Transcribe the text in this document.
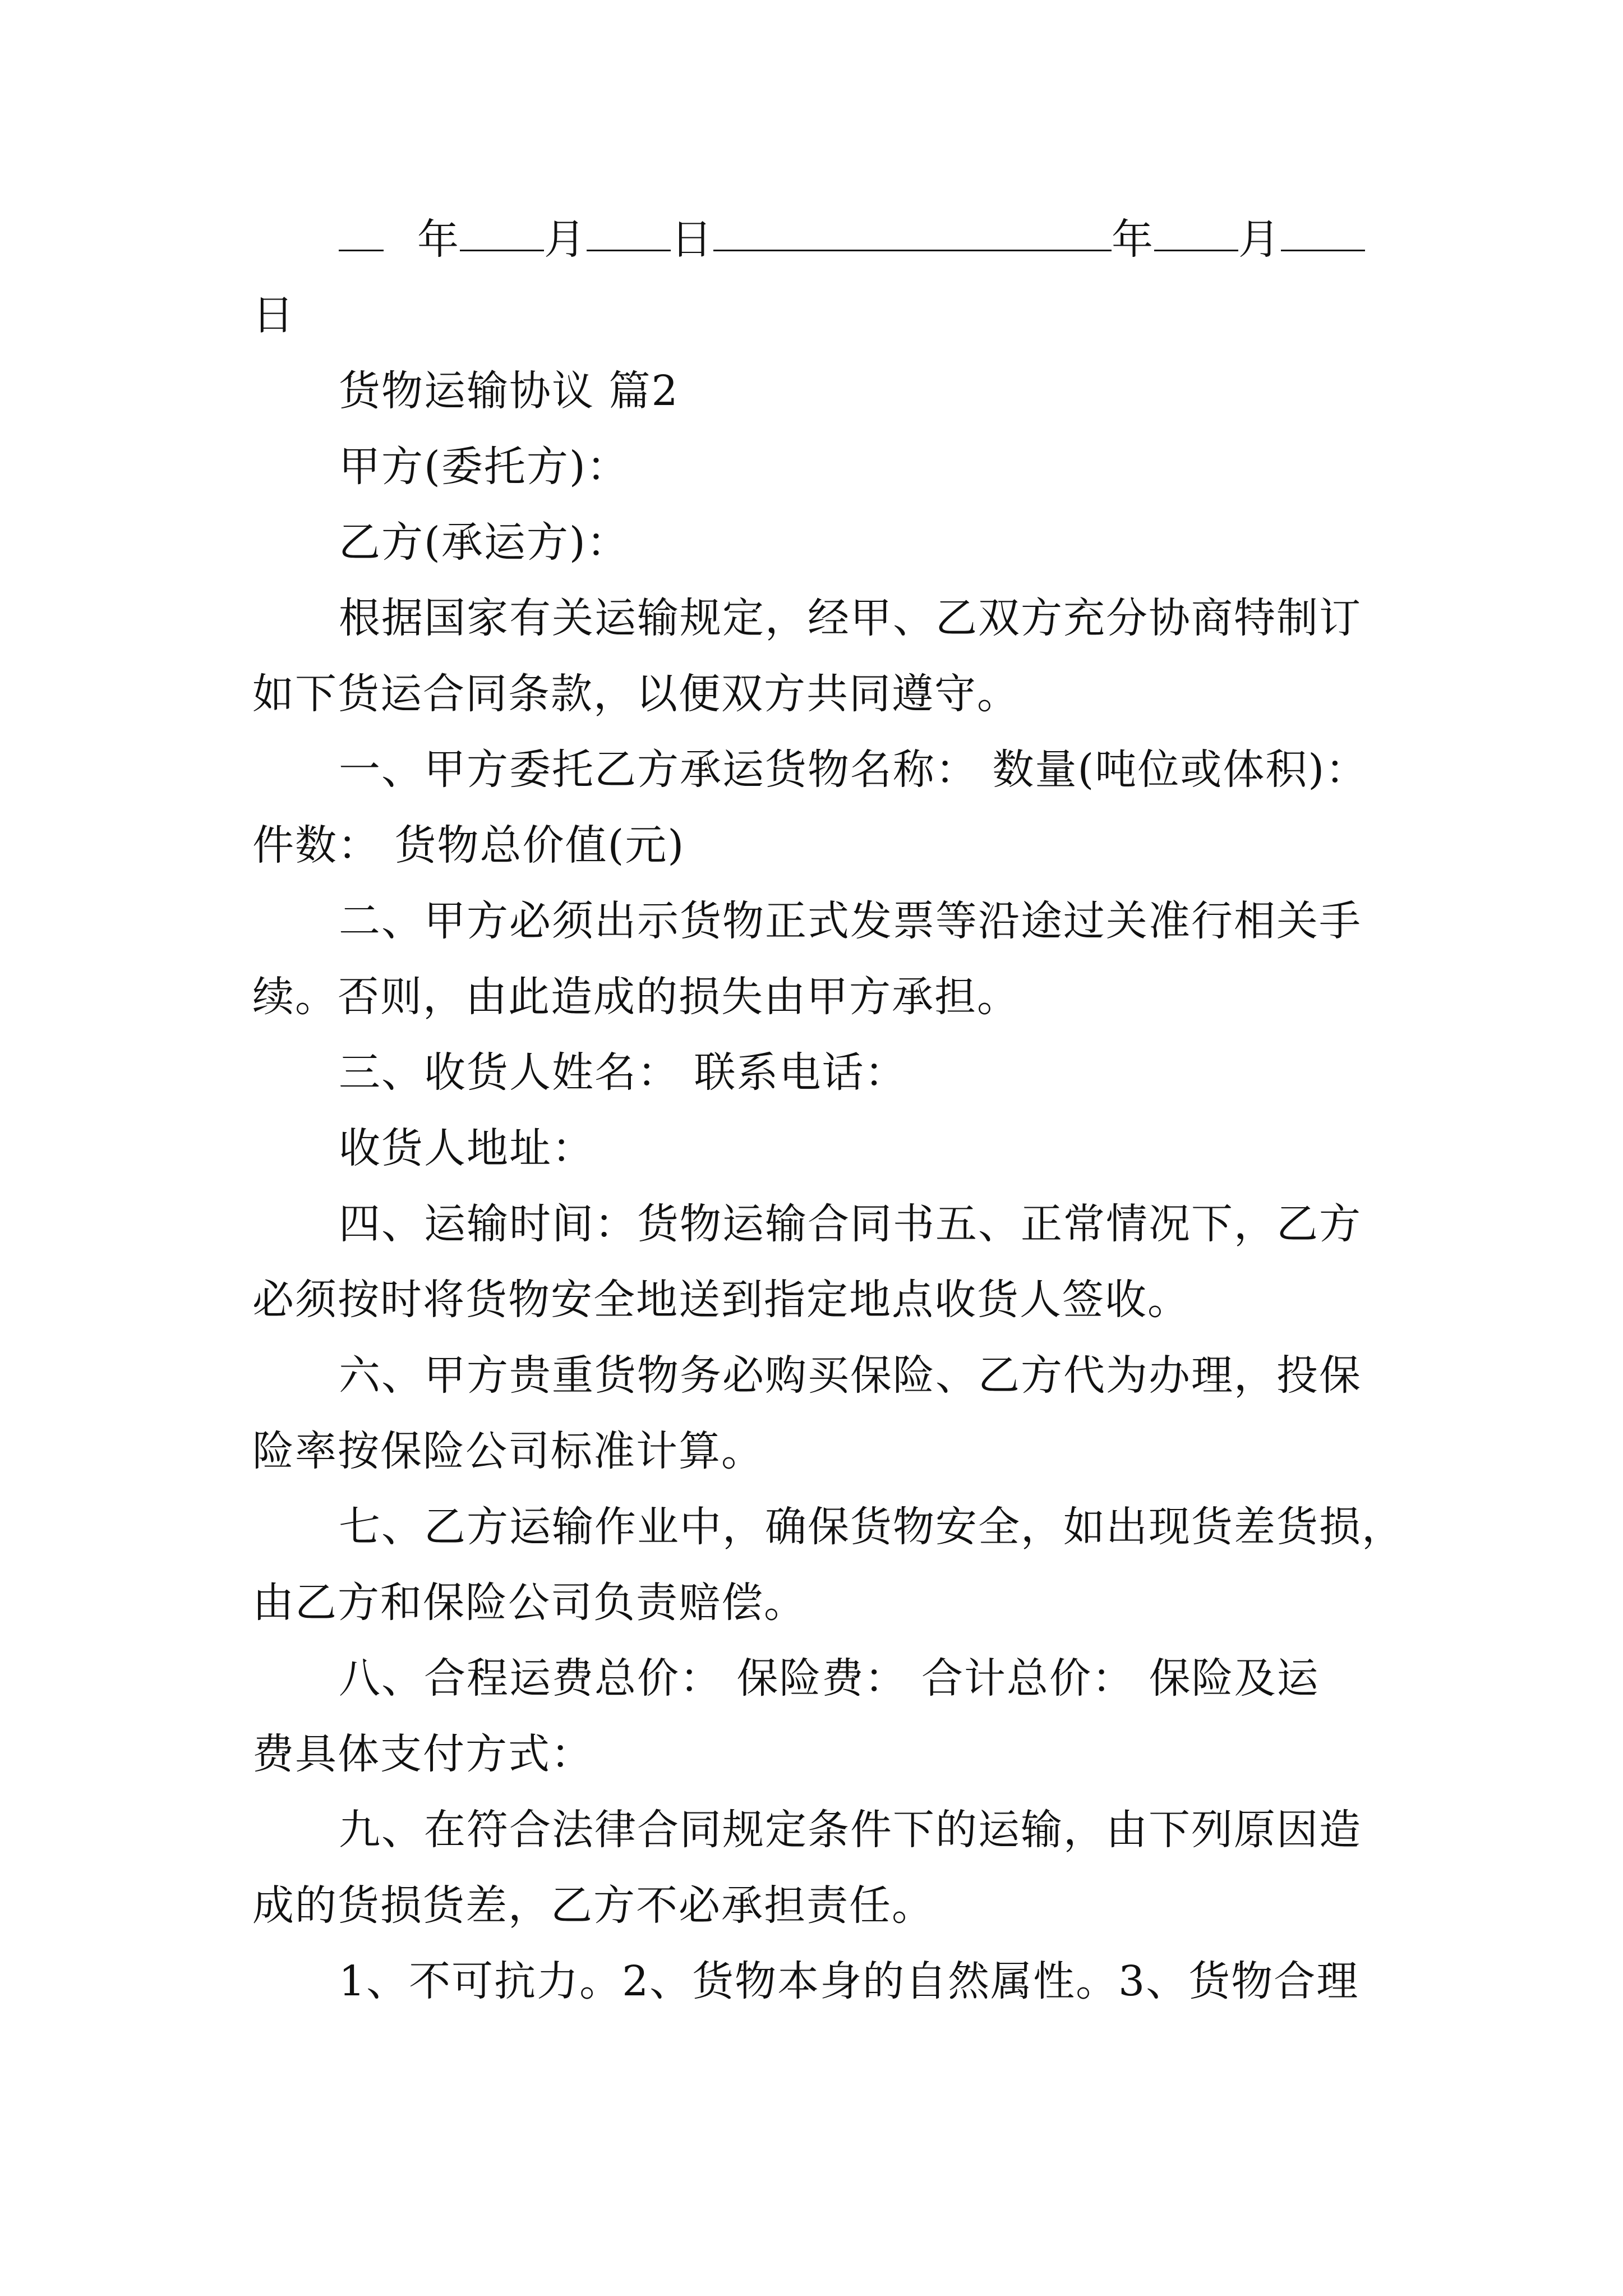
年 月 日	年 月
日
货物运输协议 篇2
甲方(委托方)：
乙方(承运方)：
根据国家有关运输规定，经甲、乙双方充分协商特制订
如下货运合同条款，以便双方共同遵守。
一、甲方委托乙方承运货物名称： 数量(吨位或体积)：
件数： 货物总价值(元)
二、甲方必须出示货物正式发票等沿途过关准行相关手
续。否则，由此造成的损失由甲方承担。
三、收货人姓名： 联系电话：
收货人地址：
四、运输时间：货物运输合同书五、正常情况下，乙方
必须按时将货物安全地送到指定地点收货人签收。
六、甲方贵重货物务必购买保险、乙方代为办理，投保
险率按保险公司标准计算。
七、乙方运输作业中，确保货物安全，如出现货差货损，
由乙方和保险公司负责赔偿。
八、合程运费总价： 保险费： 合计总价： 保险及运
费具体支付方式：
九、在符合法律合同规定条件下的运输，由下列原因造
成的货损货差，乙方不必承担责任。
1、不可抗力。2、货物本身的自然属性。3、货物合理
